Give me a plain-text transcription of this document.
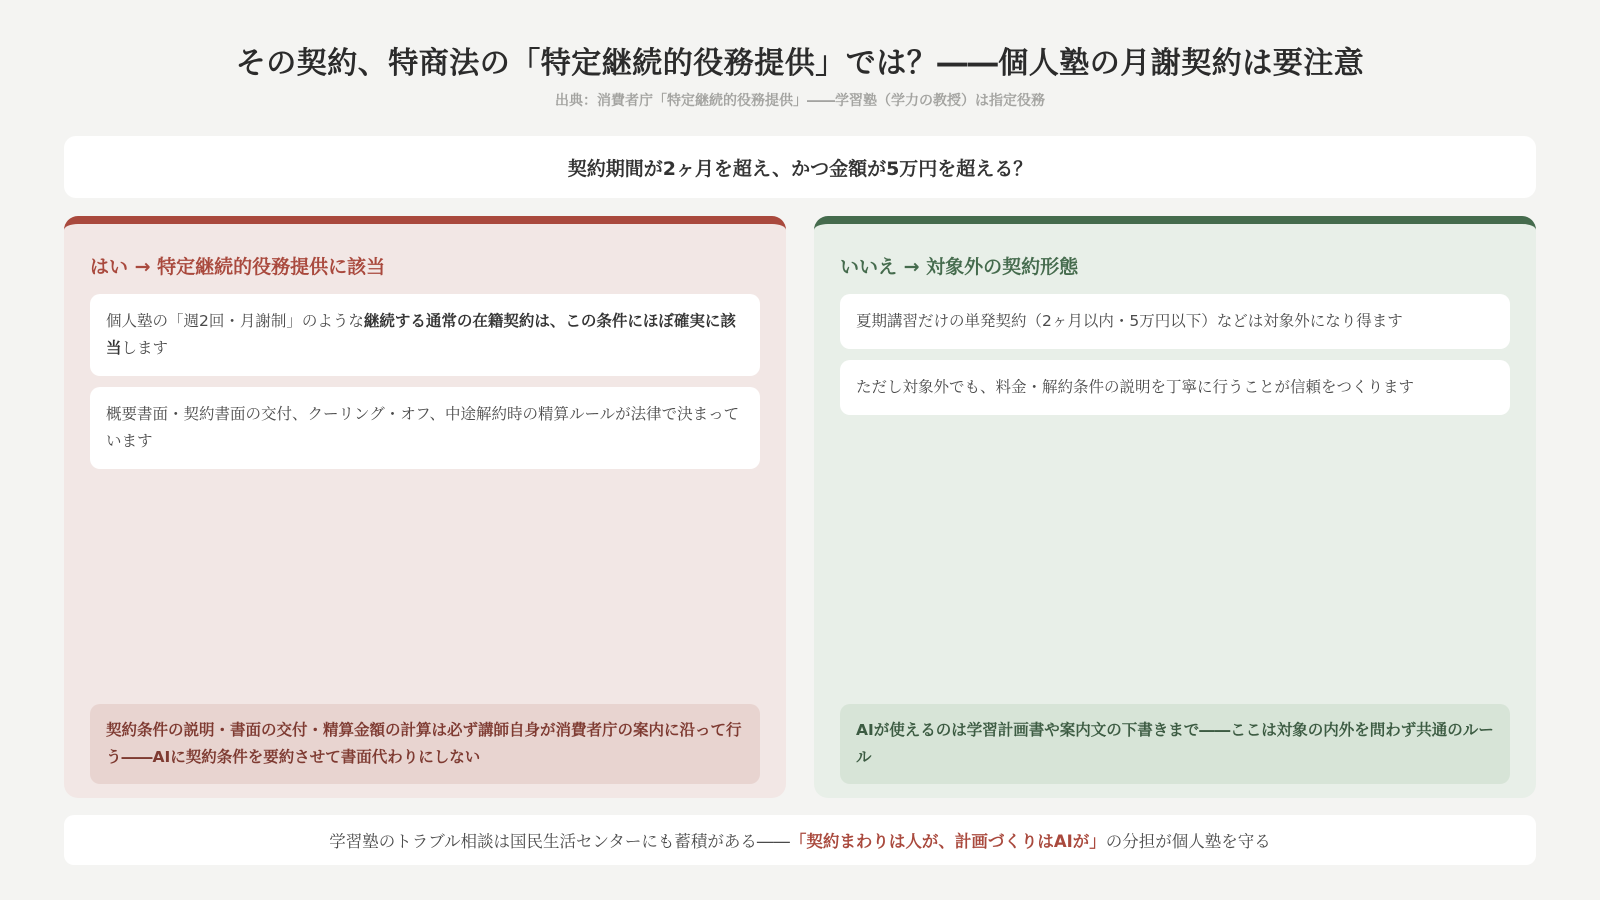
その契約、特商法の「特定継続的役務提供」では？――個人塾の月謝契約は要注意
出典：消費者庁「特定継続的役務提供」――学習塾（学力の教授）は指定役務
契約期間が2ヶ月を超え、かつ金額が5万円を超える？
はい → 特定継続的役務提供に該当
個人塾の「週2回・月謝制」のような継続する通常の在籍契約は、この条件にほぼ確実に該当します
概要書面・契約書面の交付、クーリング・オフ、中途解約時の精算ルールが法律で決まっています
契約条件の説明・書面の交付・精算金額の計算は必ず講師自身が消費者庁の案内に沿って行う――AIに契約条件を要約させて書面代わりにしない
いいえ → 対象外の契約形態
夏期講習だけの単発契約（2ヶ月以内・5万円以下）などは対象外になり得ます
ただし対象外でも、料金・解約条件の説明を丁寧に行うことが信頼をつくります
AIが使えるのは学習計画書や案内文の下書きまで――ここは対象の内外を問わず共通のルール
学習塾のトラブル相談は国民生活センターにも蓄積がある―― 「契約まわりは人が、計画づくりはAIが」 の分担が個人塾を守る
